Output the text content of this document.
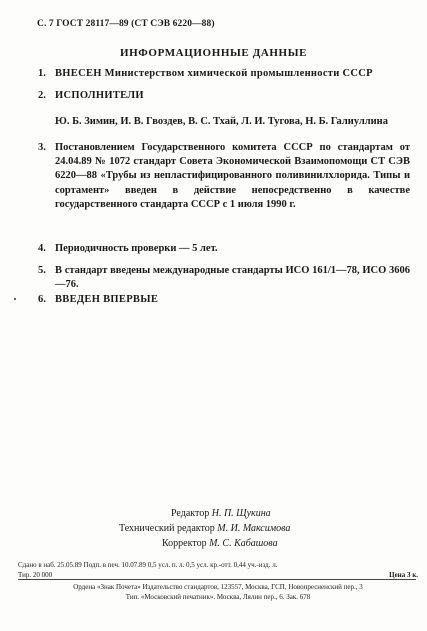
С. 7 ГОСТ 28117—89 (СТ СЭВ 6220—88)
ИНФОРМАЦИОННЫЕ ДАННЫЕ
1. ВНЕСЕН Министерством химической промышленности СССР
2. ИСПОЛНИТЕЛИ
Ю. Б. Зимин, И. В. Гвоздев, В. С. Тхай, Л. И. Тугова, Н. Б. Галиуллина
3. Постановлением Государственного комитета СССР по стандартам от 24.04.89 № 1072 стандарт Совета Экономической Взаимопомощи СТ СЭВ 6220—88 «Трубы из непластифицированного поливинилхлорида. Типы и сортамент» введен в действие непосредственно в качестве государственного стандарта СССР с 1 июля 1990 г.
4. Периодичность проверки — 5 лет.
5. В стандарт введены международные стандарты ИСО 161/1—78, ИСО 3606—76.
6. ВВЕДЕН ВПЕРВЫЕ
Редактор Н. П. Щукина
Технический редактор М. И. Максимова
Корректор М. С. Кабашова
Сдано в наб. 25.05.89 Подп. в печ. 10.07.89 0,5 усл. п. л. 0,5 усл. кр.-отт. 0,44 уч.-изд. л.
Тир. 20 000	Цена 3 к.
Ордена «Знак Почета» Издательство стандартов, 123557, Москва, ГСП, Новопресненский пер., 3
Тип. «Московский печатник». Москва, Лялин пер., 6. Зак. 678
